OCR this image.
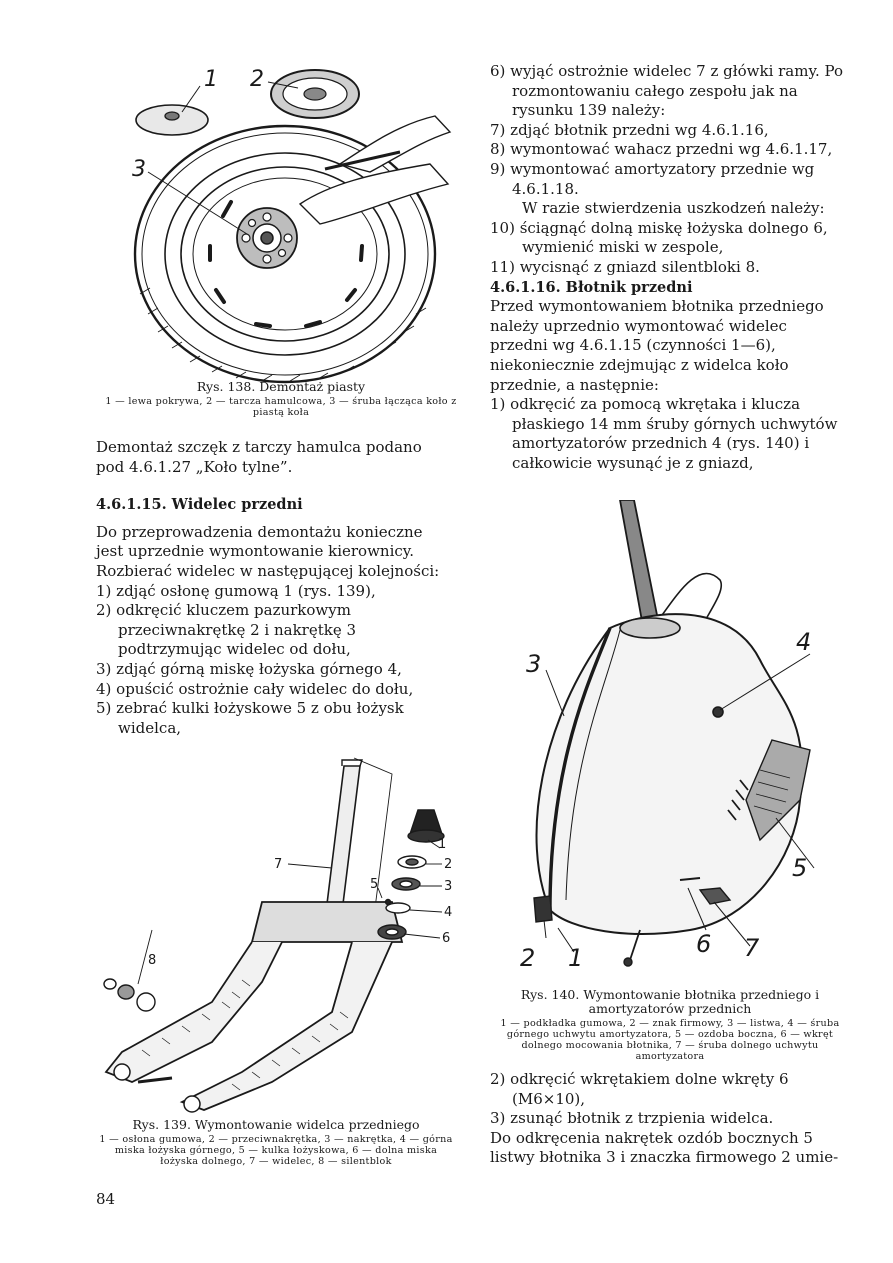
1 2
3
Rys. 138. Demontaż piasty
1 — lewa pokrywa, 2 — tarcza hamulcowa, 3 — śruba łącząca koło z piastą koła

Demontaż szczęk z tarczy hamulca podano pod 4.6.1.27 „Koło tylne”.

4.6.1.15. Widelec przedni

Do przeprowadzenia demontażu konieczne jest uprzednie wymontowanie kierownicy.

Rozbierać widelec w następującej kolejności:

1) zdjąć osłonę gumową 1 (rys. 139),

2) odkręcić kluczem pazurkowym przeciwnakrętkę 2 i nakrętkę 3 podtrzymując widelec od dołu,

3) zdjąć górną miskę łożyska górnego 4,

4) opuścić ostrożnie cały widelec do dołu,

5) zebrać kulki łożyskowe 5 z obu łożysk widelca,

1
2
3
4
5
6
7
8
Rys. 139. Wymontowanie widelca przedniego
1 — osłona gumowa, 2 — przeciwnakrętka, 3 — nakrętka, 4 — górna miska łożyska górnego, 5 — kulka łożyskowa, 6 — dolna miska łożyska dolnego, 7 — widelec, 8 — silentblok
84

6) wyjąć ostrożnie widelec 7 z główki ramy. Po rozmontowaniu całego zespołu jak na rysunku 139 należy:

7) zdjąć błotnik przedni wg 4.6.1.16,

8) wymontować wahacz przedni wg 4.6.1.17,

9) wymontować amortyzatory przednie wg 4.6.1.18.

W razie stwierdzenia uszkodzeń należy:

10) ściągnąć dolną miskę łożyska dolnego 6, wymienić miski w zespole,

11) wycisnąć z gniazd silentbloki 8.

4.6.1.16. Błotnik przedni

Przed wymontowaniem błotnika przedniego należy uprzednio wymontować widelec przedni wg 4.6.1.15 (czynności 1—6), niekoniecznie zdejmując z widelca koło przednie, a następnie:

1) odkręcić za pomocą wkrętaka i klucza płaskiego 14 mm śruby górnych uchwytów amortyzatorów przednich 4 (rys. 140) i całkowicie wysunąć je z gniazd,

3
4
5
2 1	6 7
Rys. 140. Wymontowanie błotnika przedniego i amortyzatorów przednich
1 — podkładka gumowa, 2 — znak firmowy, 3 — listwa, 4 — śruba górnego uchwytu amortyzatora, 5 — ozdoba boczna, 6 — wkręt dolnego mocowania błotnika, 7 — śruba dolnego uchwytu amortyzatora

2) odkręcić wkrętakiem dolne wkręty 6 (M6×10),

3) zsunąć błotnik z trzpienia widelca.

Do odkręcenia nakrętek ozdób bocznych 5 listwy błotnika 3 i znaczka firmowego 2 umie-
